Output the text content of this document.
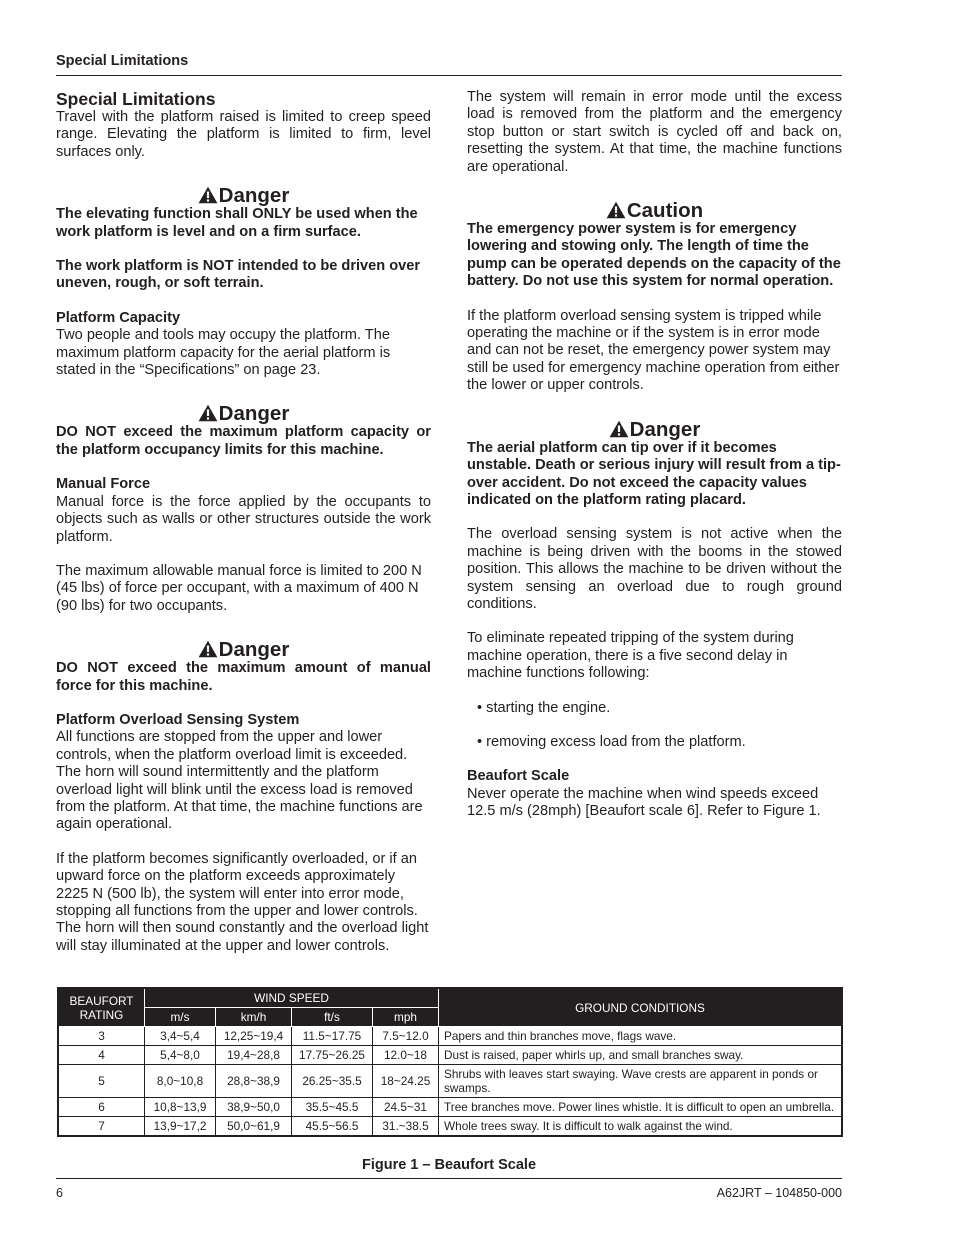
Special Limitations

Special Limitations

Travel with the platform raised is limited to creep speed range. Elevating the platform is limited to firm, level surfaces only.

Danger

The elevating function shall ONLY be used when the work platform is level and on a firm surface.

The work platform is NOT intended to be driven over uneven, rough, or soft terrain.

Platform Capacity

Two people and tools may occupy the platform. The maximum platform capacity for the aerial platform is stated in the “Specifications” on page 23.

Danger

DO NOT exceed the maximum platform capacity or the platform occupancy limits for this machine.

Manual Force

Manual force is the force applied by the occupants to objects such as walls or other structures outside the work platform.

The maximum allowable manual force is limited to 200 N (45 lbs) of force per occupant, with a maximum of 400 N (90 lbs) for two occupants.

Danger

DO NOT exceed the maximum amount of manual force for this machine.

Platform Overload Sensing System

All functions are stopped from the upper and lower controls, when the platform overload limit is exceeded. The horn will sound intermittently and the platform overload light will blink until the excess load is removed from the platform. At that time, the machine functions are again operational.

If the platform becomes significantly overloaded, or if an upward force on the platform exceeds approximately 2225 N (500 lb), the system will enter into error mode, stopping all functions from the upper and lower controls. The horn will then sound constantly and the overload light will stay illuminated at the upper and lower controls.

The system will remain in error mode until the excess load is removed from the platform and the emergency stop button or start switch is cycled off and back on, resetting the system. At that time, the machine functions are operational.

Caution

The emergency power system is for emergency lowering and stowing only. The length of time the pump can be operated depends on the capacity of the battery. Do not use this system for normal operation.

If the platform overload sensing system is tripped while operating the machine or if the system is in error mode and can not be reset, the emergency power system may still be used for emergency machine operation from either the lower or upper controls.

Danger

The aerial platform can tip over if it becomes unstable. Death or serious injury will result from a tip-over accident. Do not exceed the capacity values indicated on the platform rating placard.

The overload sensing system is not active when the machine is being driven with the booms in the stowed position. This allows the machine to be driven without the system sensing an overload due to rough ground conditions.

To eliminate repeated tripping of the system during machine operation, there is a five second delay in machine functions following:

• starting the engine.

• removing excess load from the platform.

Beaufort Scale

Never operate the machine when wind speeds exceed 12.5 m/s (28mph) [Beaufort scale 6]. Refer to Figure 1.

BEAUFORT RATING	WIND SPEED				GROUND CONDITIONS
	m/s	km/h	ft/s	mph	
3	3,4~5,4	12,25~19,4	11.5~17.75	7.5~12.0	Papers and thin branches move, flags wave.
4	5,4~8,0	19,4~28,8	17.75~26.25	12.0~18	Dust is raised, paper whirls up, and small branches sway.
5	8,0~10,8	28,8~38,9	26.25~35.5	18~24.25	Shrubs with leaves start swaying. Wave crests are apparent in ponds or swamps.
6	10,8~13,9	38,9~50,0	35.5~45.5	24.5~31	Tree branches move. Power lines whistle. It is difficult to open an umbrella.
7	13,9~17,2	50,0~61,9	45.5~56.5	31.~38.5	Whole trees sway. It is difficult to walk against the wind.
Figure 1 – Beaufort Scale
6	A62JRT – 104850-000
